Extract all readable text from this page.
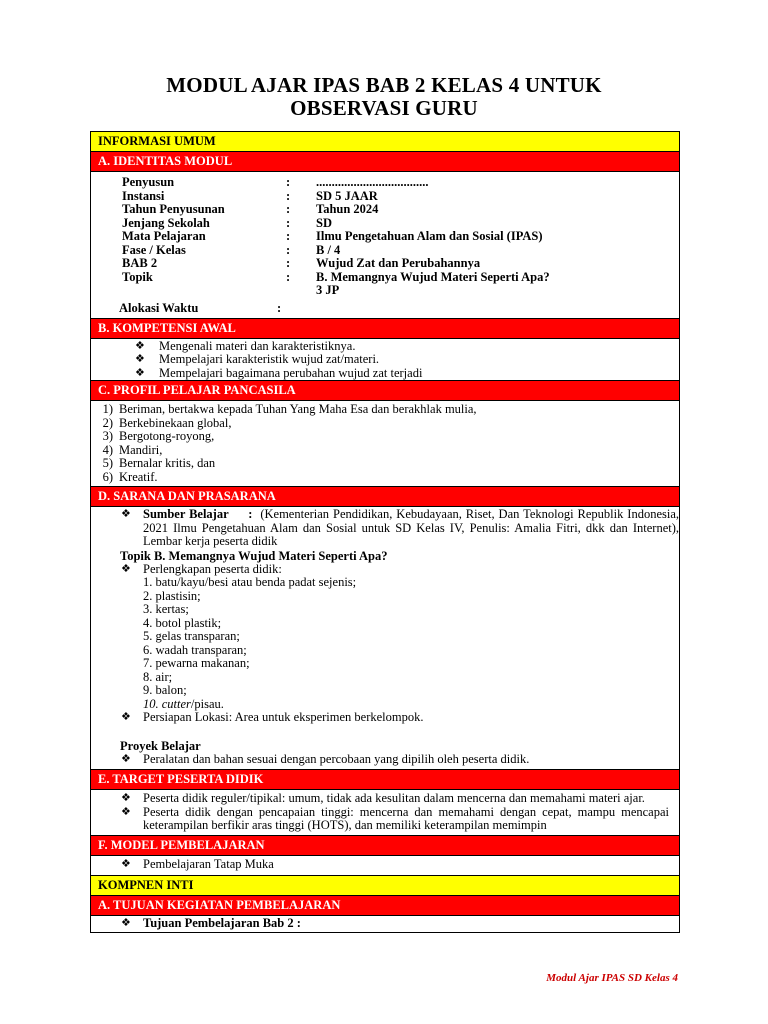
MODUL AJAR IPAS BAB 2 KELAS 4 UNTUK
OBSERVASI GURU
INFORMASI UMUM
A. IDENTITAS MODUL
Penyusun	:	....................................
Instansi	:	SD 5 JAAR
Tahun Penyusunan	:	Tahun 2024
Jenjang Sekolah	:	SD
Mata Pelajaran	:	Ilmu Pengetahuan Alam dan Sosial (IPAS)
Fase / Kelas	:	B / 4
BAB 2	:	Wujud Zat dan Perubahannya
Topik	:	B. Memangnya Wujud Materi Seperti Apa?
3 JP
Alokasi Waktu	:
B. KOMPETENSI AWAL
❖	Mengenali materi dan karakteristiknya.
❖	Mempelajari karakteristik wujud zat/materi.
❖	Mempelajari bagaimana perubahan wujud zat terjadi
C. PROFIL PELAJAR PANCASILA
1) Beriman, bertakwa kepada Tuhan Yang Maha Esa dan berakhlak mulia,
2) Berkebinekaan global,
3) Bergotong-royong,
4) Mandiri,
5) Bernalar kritis, dan
6) Kreatif.
D. SARANA DAN PRASARANA
❖ Sumber Belajar : (Kementerian Pendidikan, Kebudayaan, Riset, Dan Teknologi Republik Indonesia, 2021 Ilmu Pengetahuan Alam dan Sosial untuk SD Kelas IV, Penulis: Amalia Fitri, dkk dan Internet), Lembar kerja peserta didik
Topik B. Memangnya Wujud Materi Seperti Apa?
❖ Perlengkapan peserta didik:
1. batu/kayu/besi atau benda padat sejenis;
2. plastisin;
3. kertas;
4. botol plastik;
5. gelas transparan;
6. wadah transparan;
7. pewarna makanan;
8. air;
9. balon;
10. cutter/pisau.
❖ Persiapan Lokasi: Area untuk eksperimen berkelompok.
Proyek Belajar
❖ Peralatan dan bahan sesuai dengan percobaan yang dipilih oleh peserta didik.
E. TARGET PESERTA DIDIK
❖ Peserta didik reguler/tipikal: umum, tidak ada kesulitan dalam mencerna dan memahami materi ajar.
❖ Peserta didik dengan pencapaian tinggi: mencerna dan memahami dengan cepat, mampu mencapai keterampilan berfikir aras tinggi (HOTS), dan memiliki keterampilan memimpin
F. MODEL PEMBELAJARAN
❖ Pembelajaran Tatap Muka
KOMPNEN INTI
A. TUJUAN KEGIATAN PEMBELAJARAN
❖ Tujuan Pembelajaran Bab 2 :
Modul Ajar IPAS SD Kelas 4
